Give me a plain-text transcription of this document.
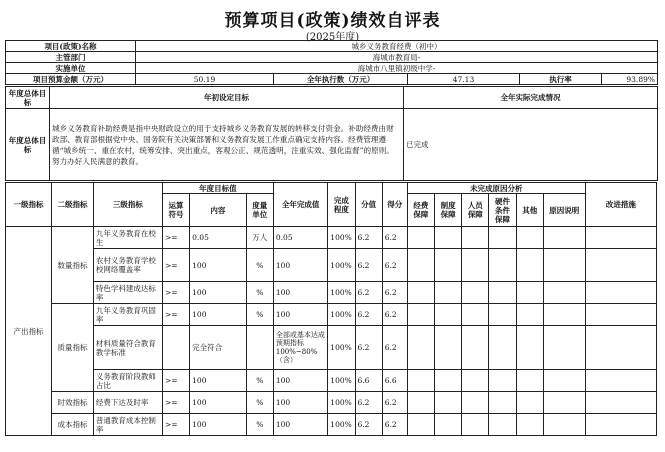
预算项目(政策)绩效自评表
(2025年度)
项目(政策)名称	城乡义务教育经费（初中）				
主管部门	海城市教育局-				
实施单位	海城市八里镇初级中学-				
项目预算金额（万元）	50.19	全年执行数（万元）	47.13	执行率	93.89%
年度总体目标	年初设定目标	全年实际完成情况
年度总体目标	城乡义务教育补助经费是指中央财政设立的用于支持城乡义务教育发展的转移支付资金。补助经费由财政部、教育部根据党中央、国务院有关决策部署和义务教育发展工作重点确定支持内容。经费管理遵循“城乡统一、重在农村，统筹安排、突出重点，客观公正、规范透明，注重实效、强化监督”的原则。努力办好人民满意的教育。	已完成
一级指标	二级指标	三级指标	年度目标值			全年完成值	完成程度	分值	得分	未完成原因分析						改进措施
			运算符号	内容	度量单位					经费保障	制度保障	人员保障	硬件条件保障	其他	原因说明	

产出指标	数量指标	九年义务教育在校生	>=	0.05	万人	0.05	100%	6.2	6.2							
		农村义务教育学校校网络覆盖率	>=	100	%	100	100%	6.2	6.2							
		特色学科建成达标率	>=	100	%	100	100%	6.2	6.2							
	质量指标	九年义务教育巩固率	>=	100	%	100	100%	6.2	6.2							
		材料质量符合教育教学标准		完全符合		全部或基本达成预期指标100%~80%（含）	100%	6.2	6.2							
		义务教育阶段教师占比	>=	100	%	100	100%	6.6	6.6							
	时效指标	经费下达及时率	>=	100	%	100	100%	6.2	6.2							
	成本指标	普通教育成本控制率	>=	100	%	100	100%	6.2	6.2							
